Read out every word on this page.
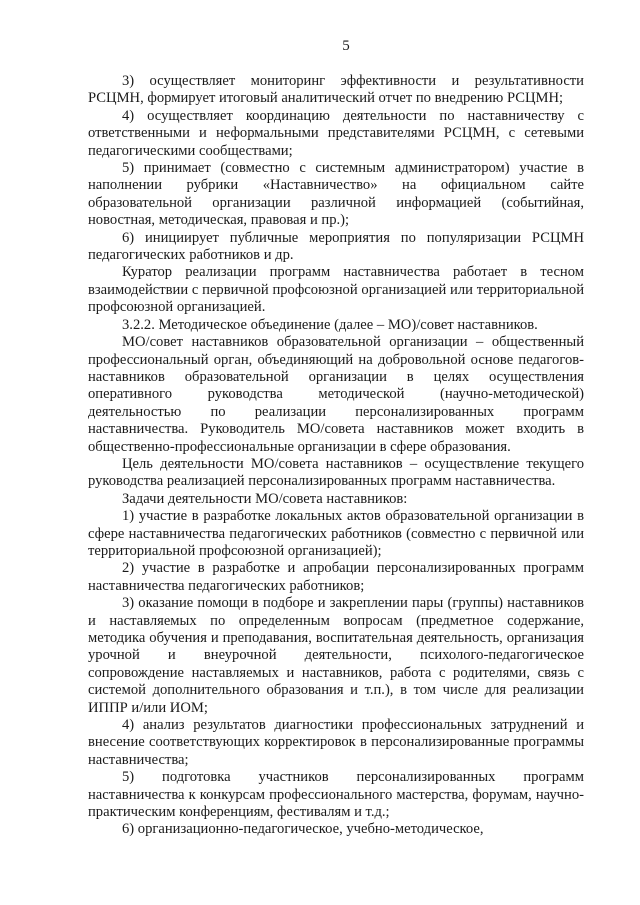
5

3) осуществляет мониторинг эффективности и результативности РСЦМН, формирует итоговый аналитический отчет по внедрению РСЦМН;

4) осуществляет координацию деятельности по наставничеству с ответственными и неформальными представителями РСЦМН, с сетевыми педагогическими сообществами;

5) принимает (совместно с системным администратором) участие в наполнении рубрики «Наставничество» на официальном сайте образовательной организации различной информацией (событийная, новостная, методическая, правовая и пр.);

6) инициирует публичные мероприятия по популяризации РСЦМН педагогических работников и др.

Куратор реализации программ наставничества работает в тесном взаимодействии с первичной профсоюзной организацией или территориальной профсоюзной организацией.

3.2.2. Методическое объединение (далее – МО)/совет наставников.

МО/совет наставников образовательной организации – общественный профессиональный орган, объединяющий на добровольной основе педагогов-наставников образовательной организации в целях осуществления оперативного руководства методической (научно-методической) деятельностью по реализации персонализированных программ наставничества. Руководитель МО/совета наставников может входить в общественно-профессиональные организации в сфере образования.

Цель деятельности МО/совета наставников – осуществление текущего руководства реализацией персонализированных программ наставничества.

Задачи деятельности МО/совета наставников:

1) участие в разработке локальных актов образовательной организации в сфере наставничества педагогических работников (совместно с первичной или территориальной профсоюзной организацией);

2) участие в разработке и апробации персонализированных программ наставничества педагогических работников;

3) оказание помощи в подборе и закреплении пары (группы) наставников и наставляемых по определенным вопросам (предметное содержание, методика обучения и преподавания, воспитательная деятельность, организация урочной и внеурочной деятельности, психолого-педагогическое сопровождение наставляемых и наставников, работа с родителями, связь с системой дополнительного образования и т.п.), в том числе для реализации ИППР и/или ИОМ;

4) анализ результатов диагностики профессиональных затруднений и внесение соответствующих корректировок в персонализированные программы наставничества;

5) подготовка участников персонализированных программ наставничества к конкурсам профессионального мастерства, форумам, научно- практическим конференциям, фестивалям и т.д.;

6) организационно-педагогическое, учебно-методическое,
